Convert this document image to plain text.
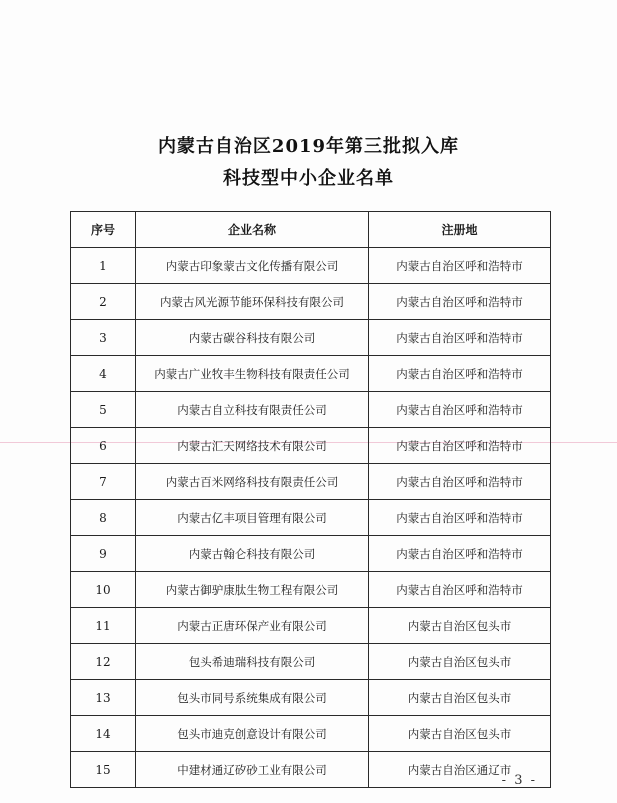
内蒙古自治区2019年第三批拟入库
科技型中小企业名单
序号	企业名称	注册地
1	内蒙古印象蒙古文化传播有限公司	内蒙古自治区呼和浩特市
2	内蒙古风光源节能环保科技有限公司	内蒙古自治区呼和浩特市
3	内蒙古碳谷科技有限公司	内蒙古自治区呼和浩特市
4	内蒙古广业牧丰生物科技有限责任公司	内蒙古自治区呼和浩特市
5	内蒙古自立科技有限责任公司	内蒙古自治区呼和浩特市
6	内蒙古汇天网络技术有限公司	内蒙古自治区呼和浩特市
7	内蒙古百米网络科技有限责任公司	内蒙古自治区呼和浩特市
8	内蒙古亿丰项目管理有限公司	内蒙古自治区呼和浩特市
9	内蒙古翰仑科技有限公司	内蒙古自治区呼和浩特市
10	内蒙古御驴康肽生物工程有限公司	内蒙古自治区呼和浩特市
11	内蒙古正唐环保产业有限公司	内蒙古自治区包头市
12	包头希迪瑞科技有限公司	内蒙古自治区包头市
13	包头市同号系统集成有限公司	内蒙古自治区包头市
14	包头市迪克创意设计有限公司	内蒙古自治区包头市
15	中建材通辽矽砂工业有限公司	内蒙古自治区通辽市
- 3 -
